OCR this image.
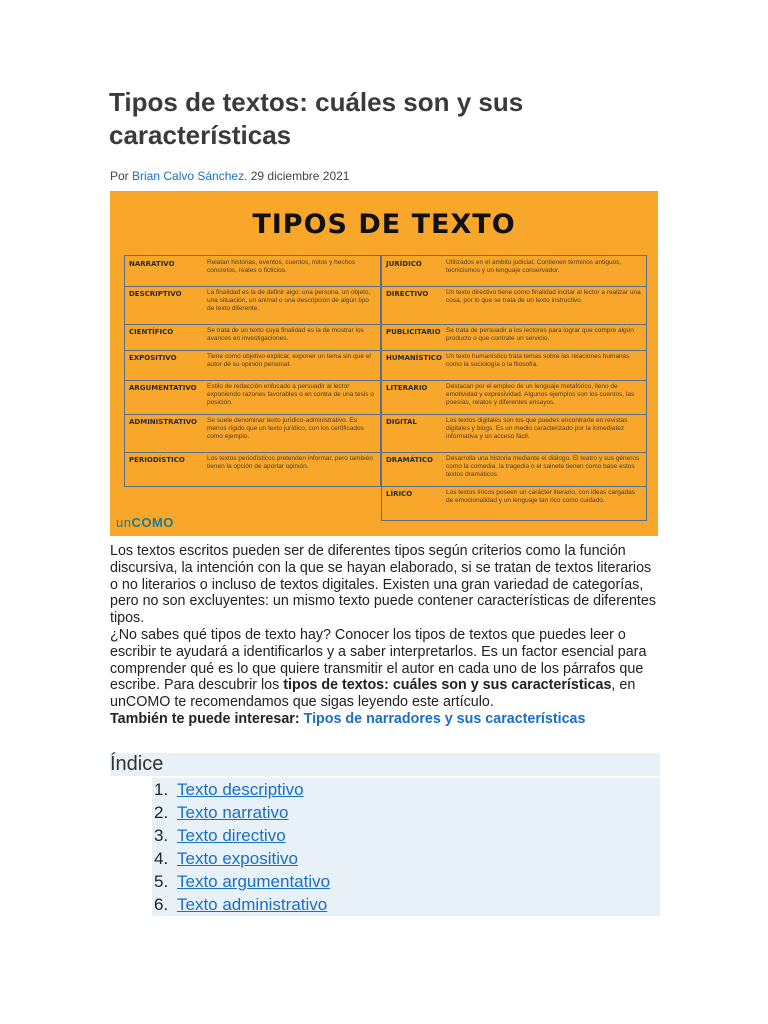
Tipos de textos: cuáles son y sus características
Por Brian Calvo Sánchez. 29 diciembre 2021
TIPOS DE TEXTO
NARRATIVO	Relatan historias, eventos, cuentos, mitos y hechos concretos, reales o ficticios.
DESCRIPTIVO	La finalidad es la de definir algo: una persona, un objeto, una situación, un animal o una descripción de algún tipo de texto diferente.
CIENTÍFICO	Se trata de un texto cuya finalidad es la de mostrar los avances en investigaciones.
EXPOSITIVO	Tiene como objetivo explicar, exponer un tema sin que el autor dé su opinión personal.
ARGUMENTATIVO Estilo de redacción enfocado a persuadir al lector exponiendo razones favorables o en contra de una tesis o posición.
ADMINISTRATIVO Se suele denominar texto jurídico-administrativo. Es menos rígido que un texto jurídico, con los certificados como ejemplo.
PERIODÍSTICO	Los textos periodísticos pretenden informar, pero también tienen la opción de aportar opinión.
JURÍDICO	Utilizados en el ámbito judicial. Contienen términos antiguos, tecnicismos y un lenguaje conservador.
DIRECTIVO	Un texto directivo tiene como finalidad incitar al lector a realizar una cosa, por lo que se trata de un texto instructivo.
PUBLICITARIO Se trata de persuadir a los lectores para lograr que compre algún producto o que contrate un servicio.
HUMANÍSTICO Un texto humanístico trata temas sobre las relaciones humanas como la sociología o la filosofía.
LITERARIO	Destacan por el empleo de un lenguaje metafórico, lleno de emotividad y expresividad. Algunos ejemplos son los cuentos, las poesías, relatos y diferentes ensayos.
DIGITAL	Los textos digitales son los que puedes encontrarte en revistas digitales y blogs. Es un medio caracterizado por la inmediatez informativa y un acceso fácil.
DRAMÁTICO Desarrolla una historia mediante el diálogo. El teatro y sus géneros como la comedia, la tragedia o el sainete tienen como base estos textos dramáticos.
LÍRICO	Los textos líricos poseen un carácter literario, con ideas cargadas de emocionalidad y un lenguaje tan rico como cuidado.
unCOMO

Los textos escritos pueden ser de diferentes tipos según criterios como la función discursiva, la intención con la que se hayan elaborado, si se tratan de textos literarios o no literarios o incluso de textos digitales. Existen una gran variedad de categorías, pero no son excluyentes: un mismo texto puede contener características de diferentes tipos.

¿No sabes qué tipos de texto hay? Conocer los tipos de textos que puedes leer o escribir te ayudará a identificarlos y a saber interpretarlos. Es un factor esencial para comprender qué es lo que quiere transmitir el autor en cada uno de los párrafos que escribe. Para descubrir los tipos de textos: cuáles son y sus características, en unCOMO te recomendamos que sigas leyendo este artículo.

También te puede interesar: Tipos de narradores y sus características

Índice
1. Texto descriptivo
2. Texto narrativo
3. Texto directivo
4. Texto expositivo
5. Texto argumentativo
6. Texto administrativo
